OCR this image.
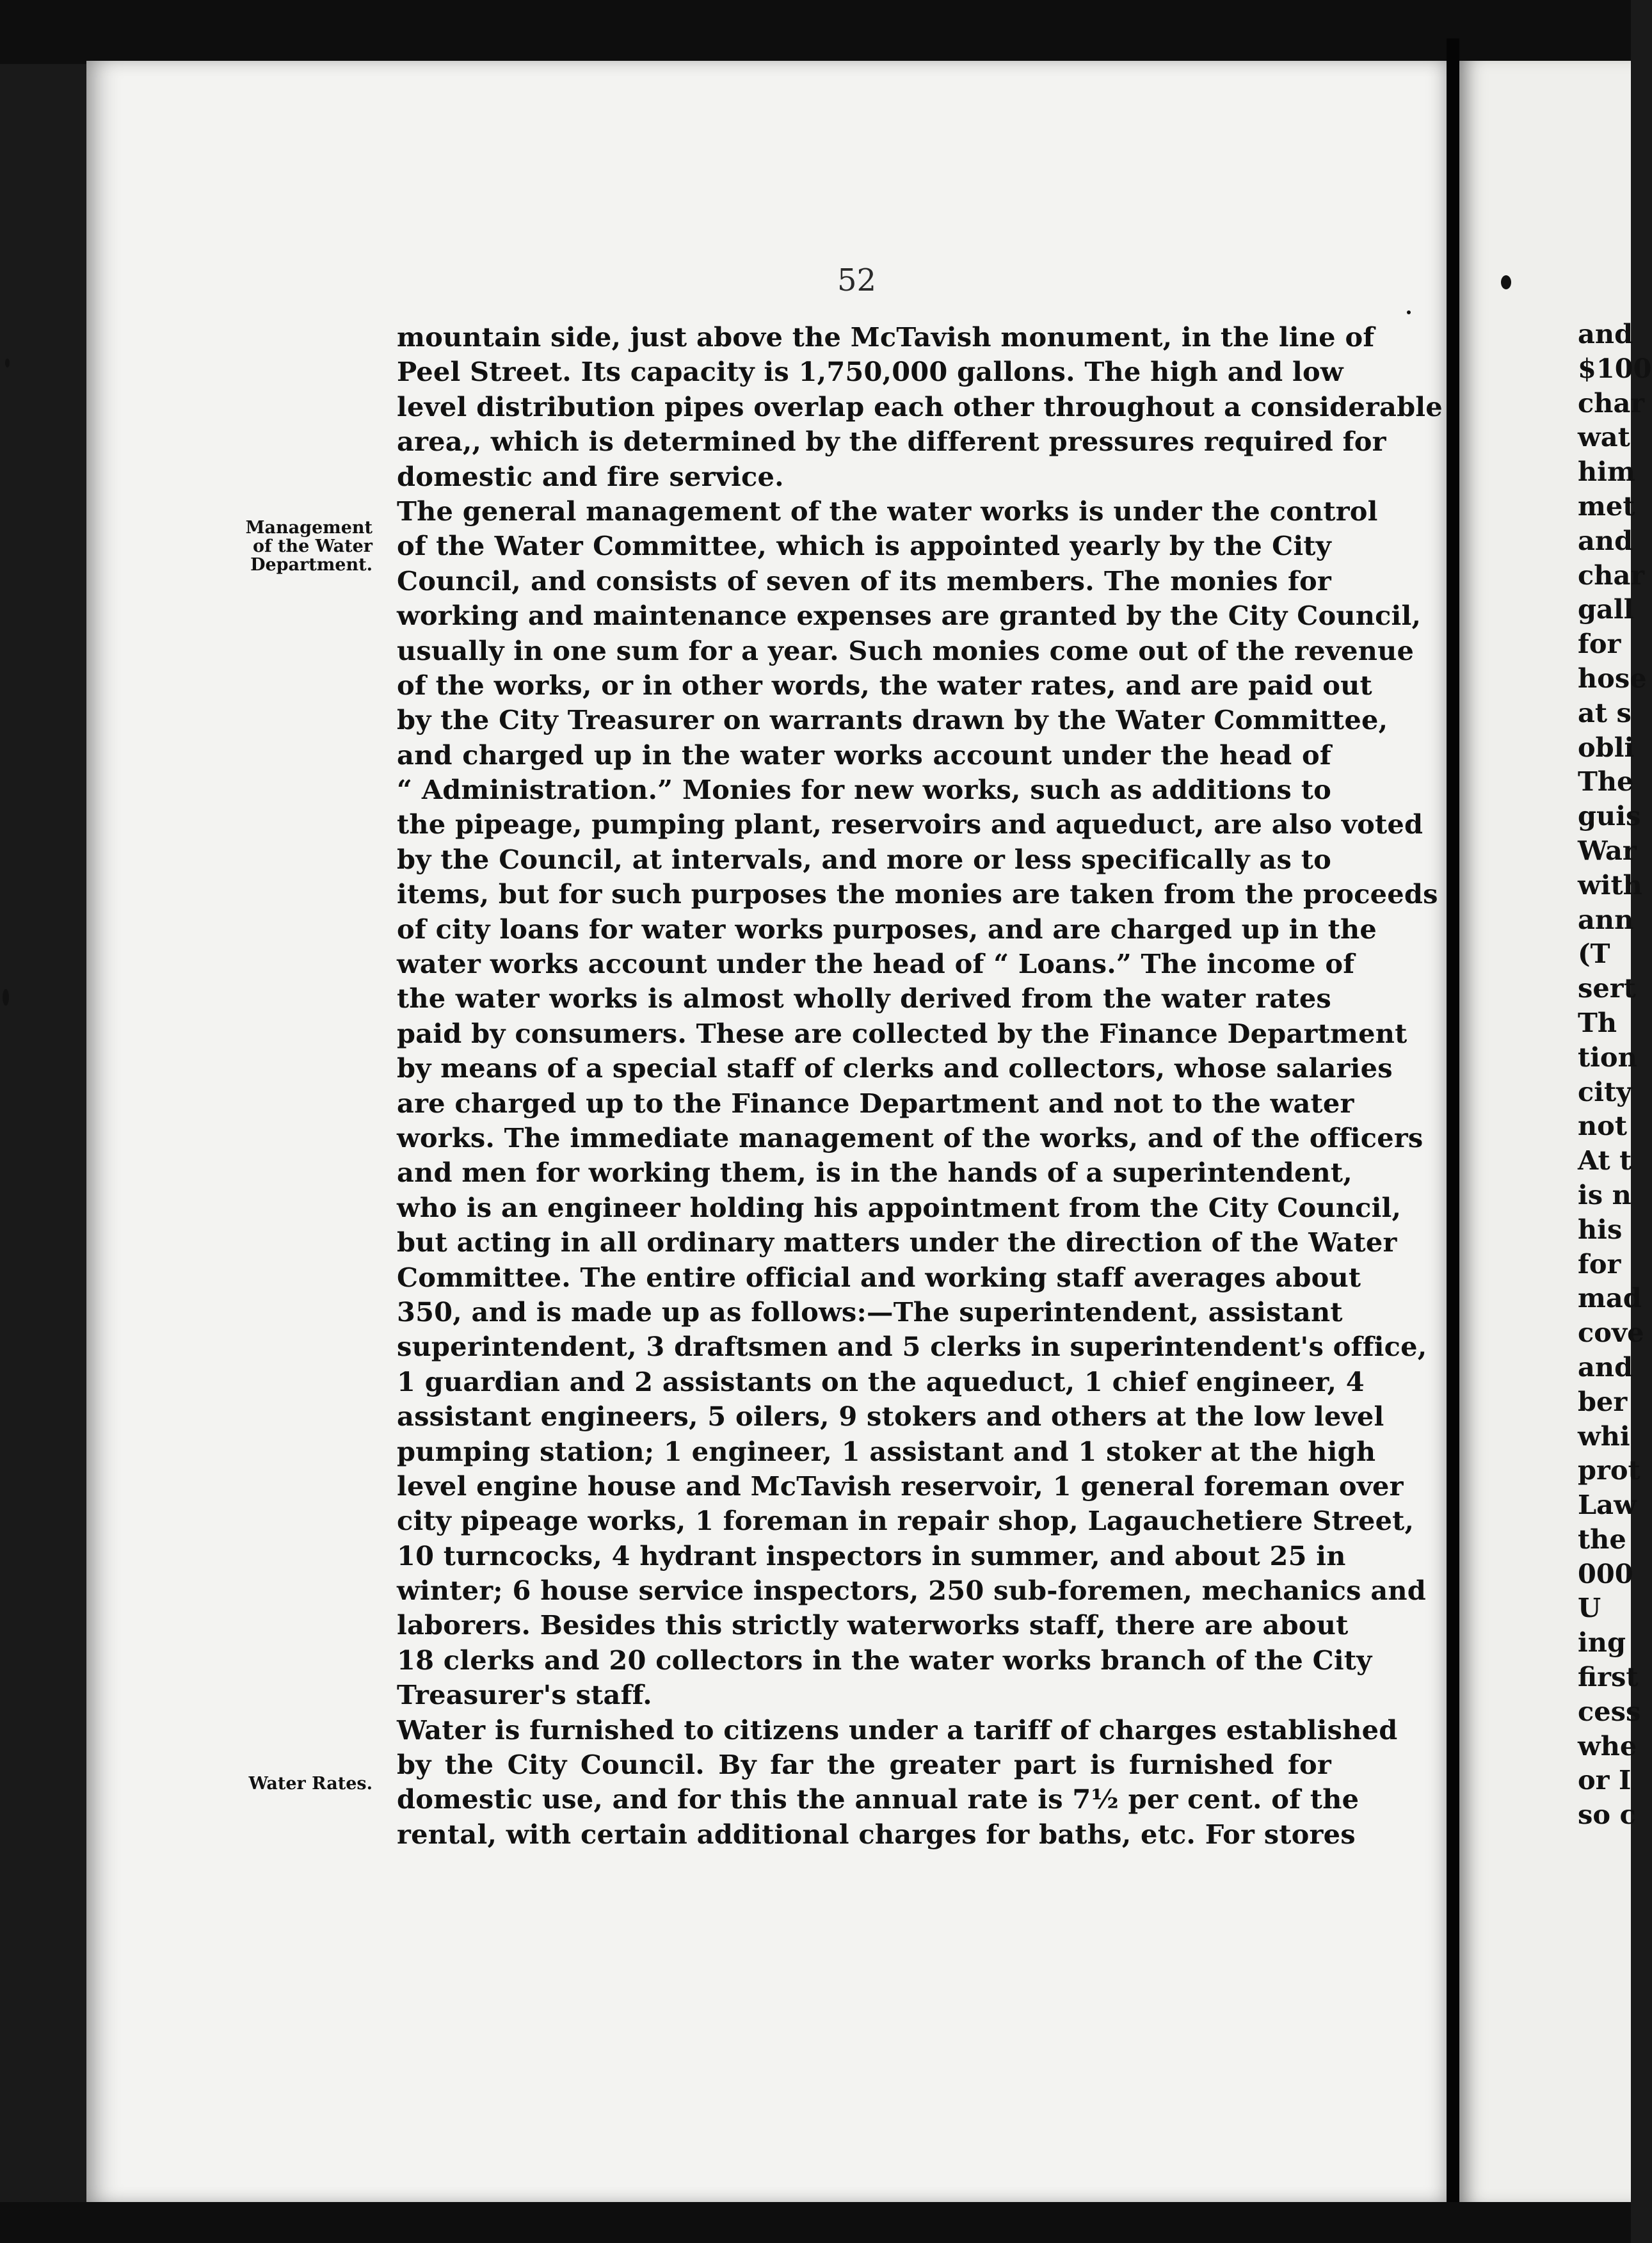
52
Management
of the Water
Department.
Water Rates.
mountain side, just above the McTavish monument, in the line of
Peel Street. Its capacity is 1,750,000 gallons. The high and low
level distribution pipes overlap each other throughout a considerable
area,, which is determined by the different pressures required for
domestic and fire service.
The general management of the water works is under the control
of the Water Committee, which is appointed yearly by the City
Council, and consists of seven of its members. The monies for
working and maintenance expenses are granted by the City Council,
usually in one sum for a year. Such monies come out of the revenue
of the works, or in other words, the water rates, and are paid out
by the City Treasurer on warrants drawn by the Water Committee,
and charged up in the water works account under the head of
“ Administration.” Monies for new works, such as additions to
the pipeage, pumping plant, reservoirs and aqueduct, are also voted
by the Council, at intervals, and more or less specifically as to
items, but for such purposes the monies are taken from the proceeds
of city loans for water works purposes, and are charged up in the
water works account under the head of “ Loans.” The income of
the water works is almost wholly derived from the water rates
paid by consumers. These are collected by the Finance Department
by means of a special staff of clerks and collectors, whose salaries
are charged up to the Finance Department and not to the water
works. The immediate management of the works, and of the officers
and men for working them, is in the hands of a superintendent,
who is an engineer holding his appointment from the City Council,
but acting in all ordinary matters under the direction of the Water
Committee. The entire official and working staff averages about
350, and is made up as follows:—The superintendent, assistant
superintendent, 3 draftsmen and 5 clerks in superintendent's office,
1 guardian and 2 assistants on the aqueduct, 1 chief engineer, 4
assistant engineers, 5 oilers, 9 stokers and others at the low level
pumping station; 1 engineer, 1 assistant and 1 stoker at the high
level engine house and McTavish reservoir, 1 general foreman over
city pipeage works, 1 foreman in repair shop, Lagauchetiere Street,
10 turncocks, 4 hydrant inspectors in summer, and about 25 in
winter; 6 house service inspectors, 250 sub-foremen, mechanics and
laborers. Besides this strictly waterworks staff, there are about
18 clerks and 20 collectors in the water works branch of the City
Treasurer's staff.
Water is furnished to citizens under a tariff of charges established
by the City Council. By far the greater part is furnished for
domestic use, and for this the annual rate is 7½ per cent. of the
rental, with certain additional charges for baths, etc. For stores
and
$100
char
wat
him
met
and
char
gall
for
hose
at s
obli
The
guis
War
with
ann
(T
sert
Th
tion
city
not
At t
is n
his
for
mad
cove
and
ber
whi
prot
Law
the
000
U
ing
first
cess
whe
or I
so c
